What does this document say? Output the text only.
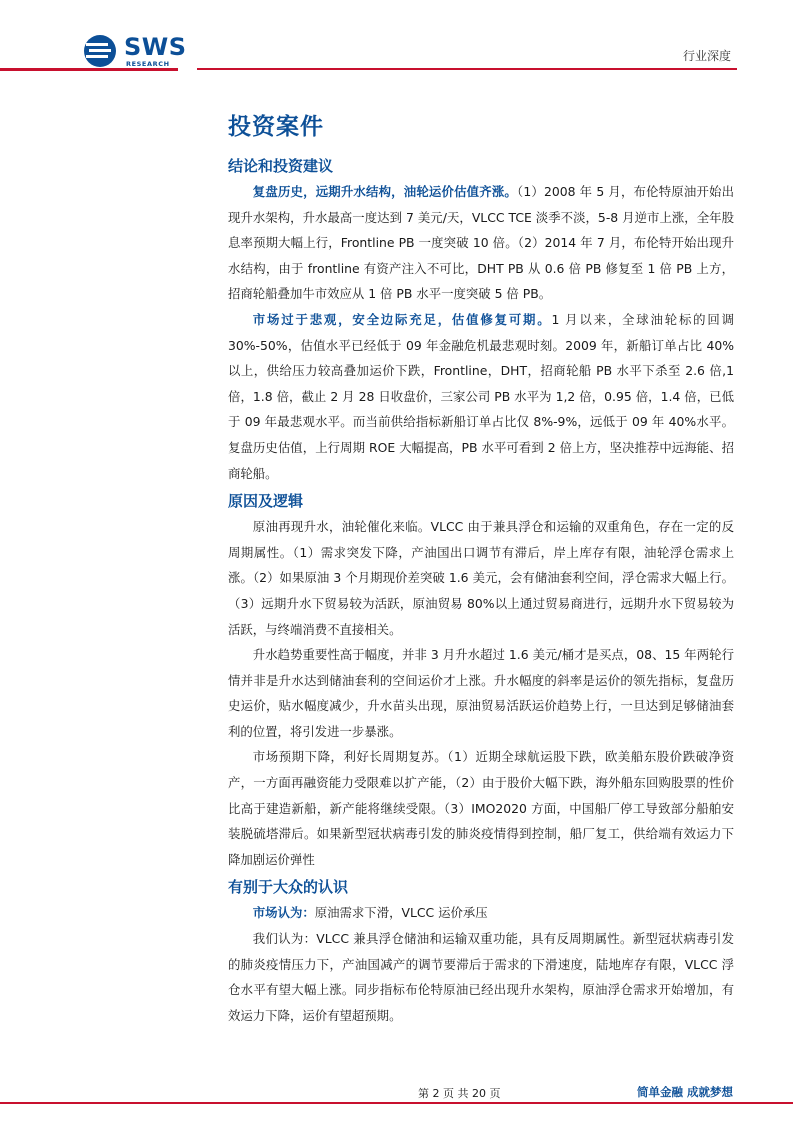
SWS
RESEARCH
行业深度
投资案件
结论和投资建议

复盘历史，远期升水结构，油轮运价估值齐涨。（1）2008 年 5 月，布伦特原油开始出现升水架构，升水最高一度达到 7 美元/天，VLCC TCE 淡季不淡，5-8 月逆市上涨，全年股息率预期大幅上行，Frontline PB 一度突破 10 倍。（2）2014 年 7 月，布伦特开始出现升水结构，由于 frontline 有资产注入不可比，DHT PB 从 0.6 倍 PB 修复至 1 倍 PB 上方，招商轮船叠加牛市效应从 1 倍 PB 水平一度突破 5 倍 PB。

市场过于悲观，安全边际充足，估值修复可期。1 月以来，全球油轮标的回调 30%-50%，估值水平已经低于 09 年金融危机最悲观时刻。2009 年，新船订单占比 40%以上，供给压力较高叠加运价下跌，Frontline，DHT，招商轮船 PB 水平下杀至 2.6 倍,1 倍，1.8 倍，截止 2 月 28 日收盘价，三家公司 PB 水平为 1,2 倍，0.95 倍，1.4 倍，已低于 09 年最悲观水平。而当前供给指标新船订单占比仅 8%-9%，远低于 09 年 40%水平。复盘历史估值，上行周期 ROE 大幅提高，PB 水平可看到 2 倍上方，坚决推荐中远海能、招商轮船。

原因及逻辑

原油再现升水，油轮催化来临。VLCC 由于兼具浮仓和运输的双重角色，存在一定的反周期属性。（1）需求突发下降，产油国出口调节有滞后，岸上库存有限，油轮浮仓需求上涨。（2）如果原油 3 个月期现价差突破 1.6 美元，会有储油套利空间，浮仓需求大幅上行。（3）远期升水下贸易较为活跃，原油贸易 80%以上通过贸易商进行，远期升水下贸易较为活跃，与终端消费不直接相关。

升水趋势重要性高于幅度，并非 3 月升水超过 1.6 美元/桶才是买点，08、15 年两轮行情并非是升水达到储油套利的空间运价才上涨。升水幅度的斜率是运价的领先指标，复盘历史运价，贴水幅度减少，升水苗头出现，原油贸易活跃运价趋势上行，一旦达到足够储油套利的位置，将引发进一步暴涨。

市场预期下降，利好长周期复苏。（1）近期全球航运股下跌，欧美船东股价跌破净资产，一方面再融资能力受限难以扩产能，（2）由于股价大幅下跌，海外船东回购股票的性价比高于建造新船，新产能将继续受限。（3）IMO2020 方面，中国船厂停工导致部分船舶安装脱硫塔滞后。如果新型冠状病毒引发的肺炎疫情得到控制，船厂复工，供给端有效运力下降加剧运价弹性

有别于大众的认识

市场认为：原油需求下滑，VLCC 运价承压

我们认为：VLCC 兼具浮仓储油和运输双重功能，具有反周期属性。新型冠状病毒引发的肺炎疫情压力下，产油国减产的调节要滞后于需求的下滑速度，陆地库存有限，VLCC 浮仓水平有望大幅上涨。同步指标布伦特原油已经出现升水架构，原油浮仓需求开始增加，有效运力下降，运价有望超预期。

第 2 页 共 20 页	简单金融 成就梦想
